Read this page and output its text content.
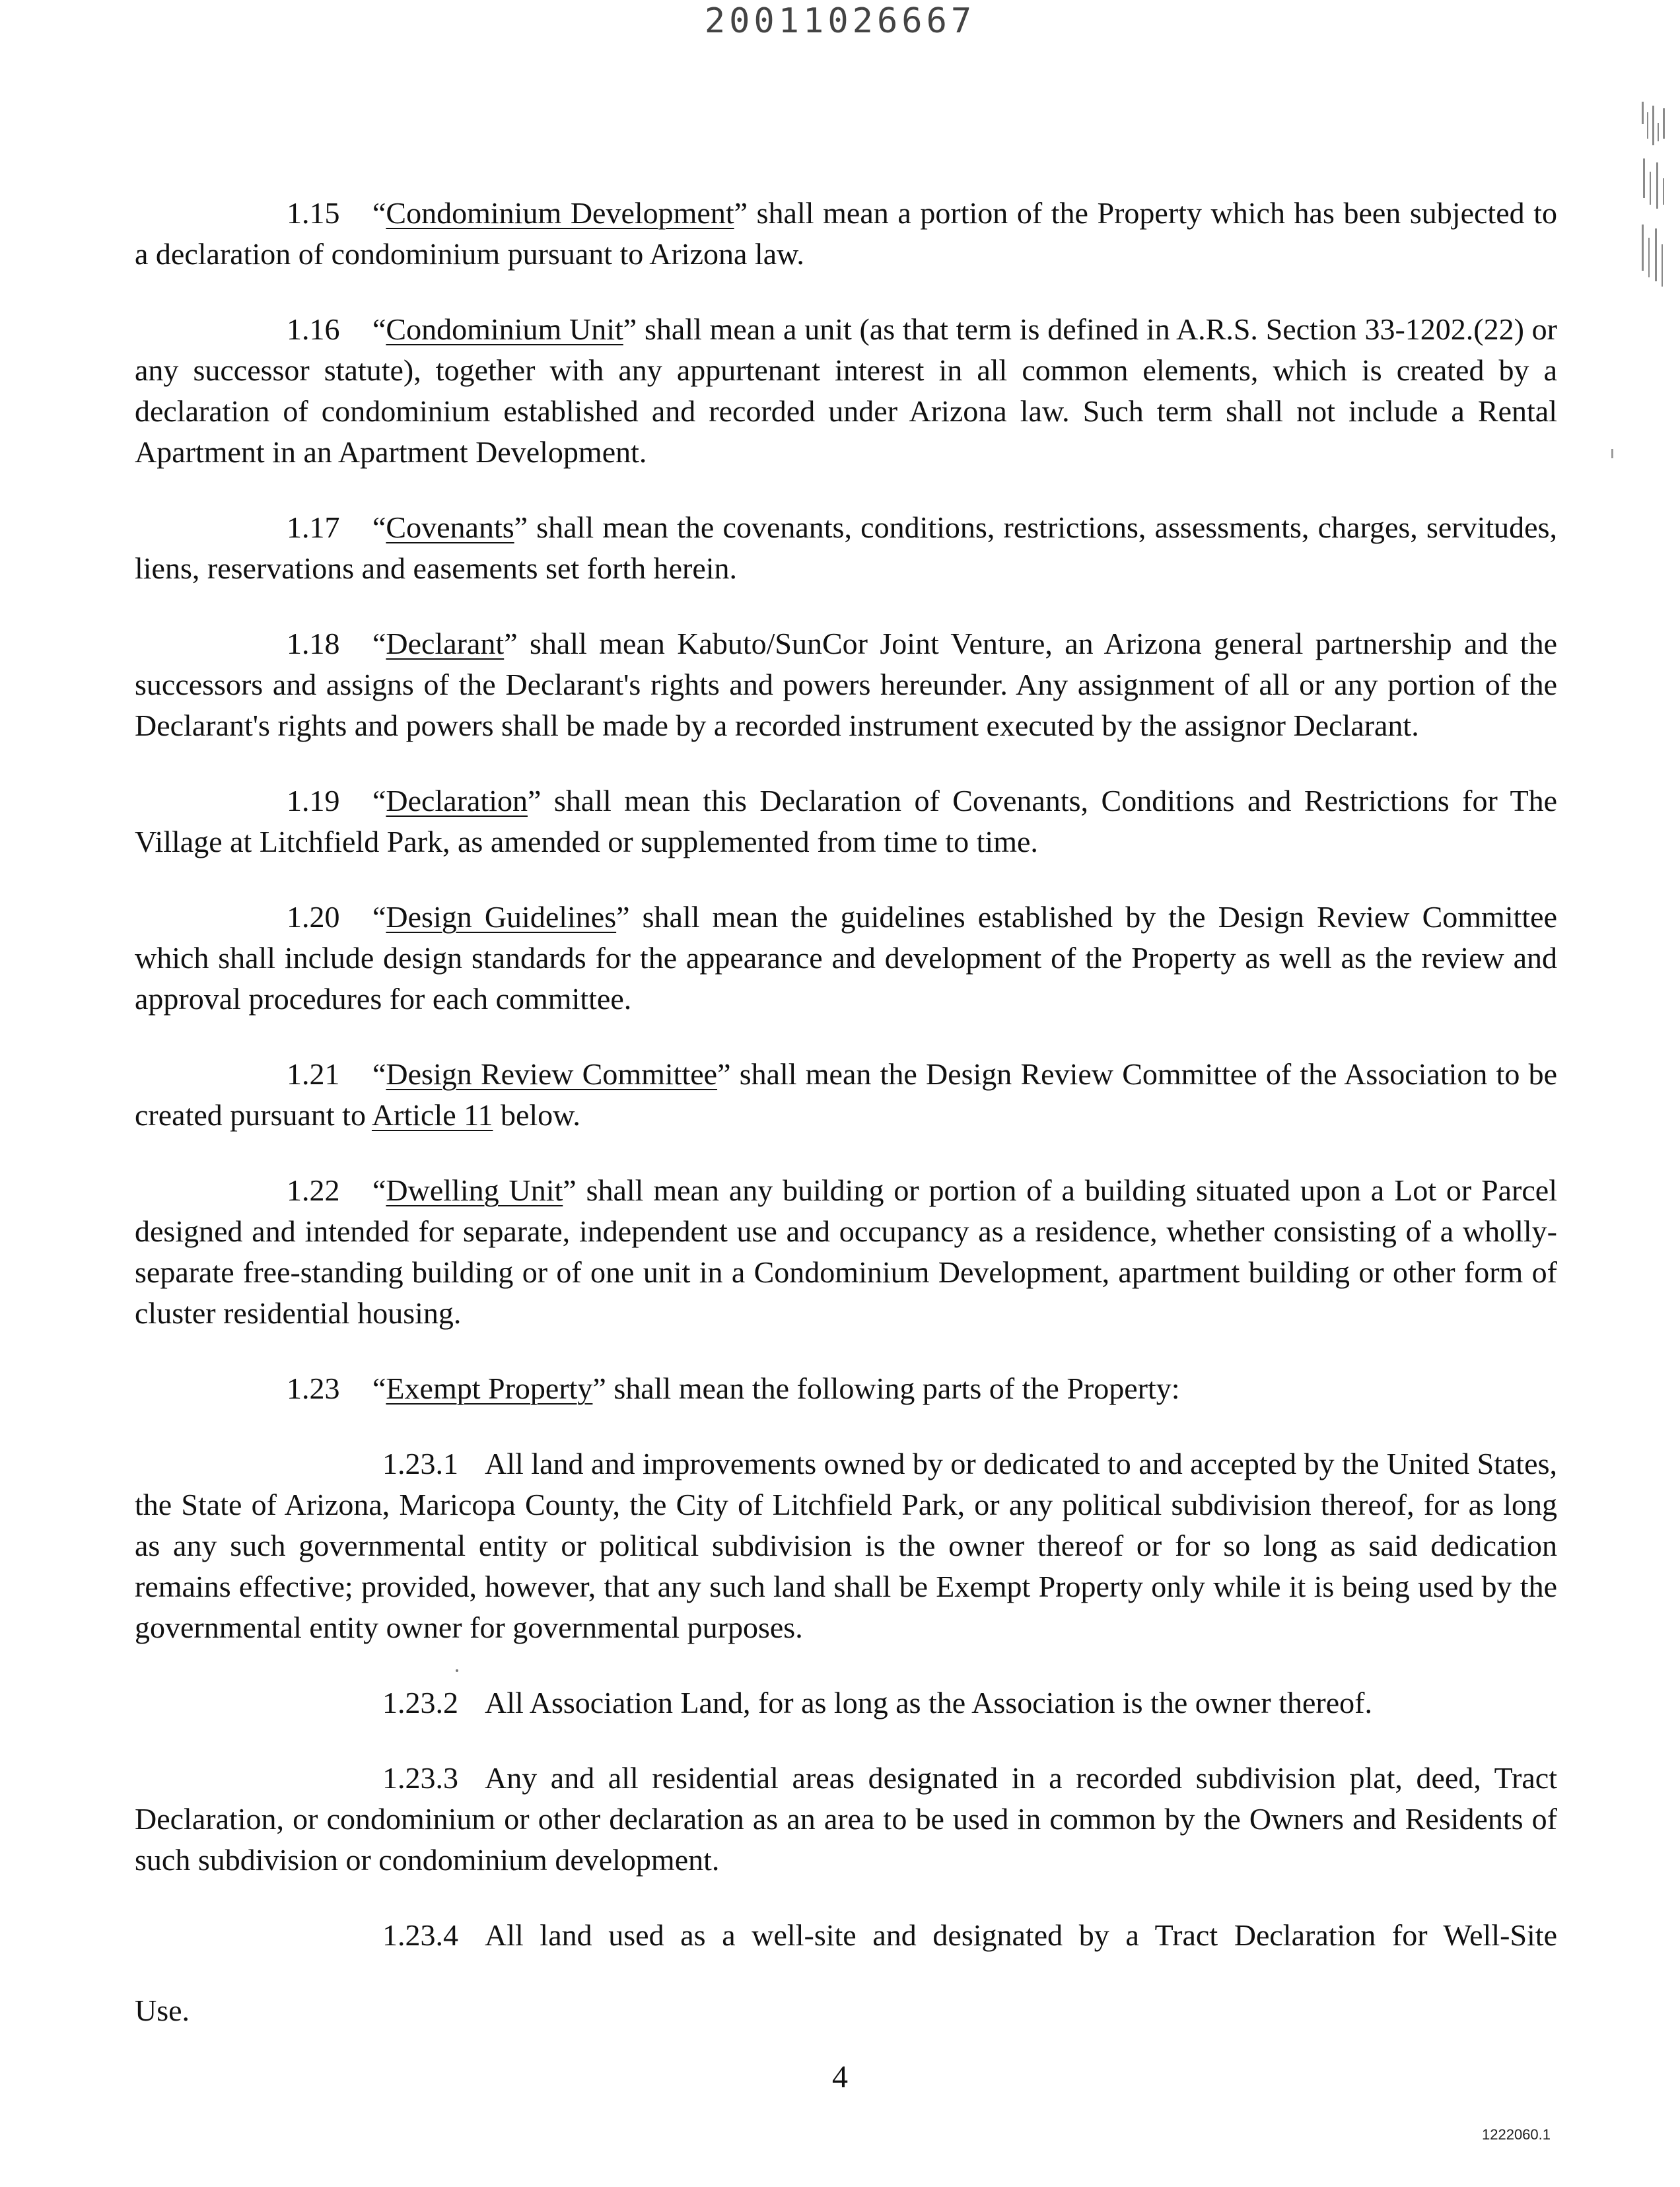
20011026667

1.15 “Condominium Development” shall mean a portion of the Property which has been subjected to a declaration of condominium pursuant to Arizona law.

1.16 “Condominium Unit” shall mean a unit (as that term is defined in A.R.S. Section 33-1202.(22) or any successor statute), together with any appurtenant interest in all common elements, which is created by a declaration of condominium established and recorded under Arizona law. Such term shall not include a Rental Apartment in an Apartment Development.

1.17 “Covenants” shall mean the covenants, conditions, restrictions, assessments, charges, servitudes, liens, reservations and easements set forth herein.

1.18 “Declarant” shall mean Kabuto/SunCor Joint Venture, an Arizona general partnership and the successors and assigns of the Declarant's rights and powers hereunder. Any assignment of all or any portion of the Declarant's rights and powers shall be made by a recorded instrument executed by the assignor Declarant.

1.19 “Declaration” shall mean this Declaration of Covenants, Conditions and Restrictions for The Village at Litchfield Park, as amended or supplemented from time to time.

1.20 “Design Guidelines” shall mean the guidelines established by the Design Review Committee which shall include design standards for the appearance and development of the Property as well as the review and approval procedures for each committee.

1.21 “Design Review Committee” shall mean the Design Review Committee of the Association to be created pursuant to Article 11 below.

1.22 “Dwelling Unit” shall mean any building or portion of a building situated upon a Lot or Parcel designed and intended for separate, independent use and occupancy as a residence, whether consisting of a wholly-separate free-standing building or of one unit in a Condominium Development, apartment building or other form of cluster residential housing.

1.23 “Exempt Property” shall mean the following parts of the Property:

1.23.1 All land and improvements owned by or dedicated to and accepted by the United States, the State of Arizona, Maricopa County, the City of Litchfield Park, or any political subdivision thereof, for as long as any such governmental entity or political subdivision is the owner thereof or for so long as said dedication remains effective; provided, however, that any such land shall be Exempt Property only while it is being used by the governmental entity owner for governmental purposes.

1.23.2 All Association Land, for as long as the Association is the owner thereof.

1.23.3 Any and all residential areas designated in a recorded subdivision plat, deed, Tract Declaration, or condominium or other declaration as an area to be used in common by the Owners and Residents of such subdivision or condominium development.

1.23.4 All land used as a well-site and designated by a Tract Declaration for Well-Site

Use.

4
1222060.1
